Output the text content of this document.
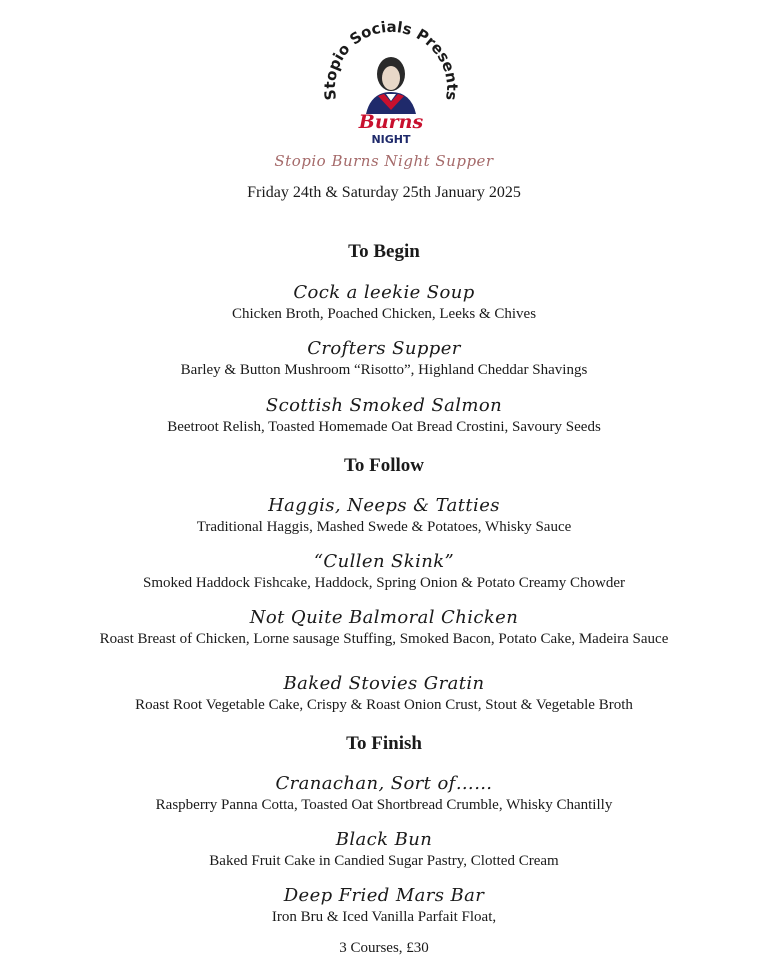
Stopio Socials Presents
Burns
NIGHT
Stopio Burns Night Supper
Friday 24th & Saturday 25th January 2025
To Begin
Cock a leekie Soup
Chicken Broth, Poached Chicken, Leeks & Chives
Crofters Supper
Barley & Button Mushroom “Risotto”, Highland Cheddar Shavings
Scottish Smoked Salmon
Beetroot Relish, Toasted Homemade Oat Bread Crostini, Savoury Seeds
To Follow
Haggis, Neeps & Tatties
Traditional Haggis, Mashed Swede & Potatoes, Whisky Sauce
“Cullen Skink”
Smoked Haddock Fishcake, Haddock, Spring Onion & Potato Creamy Chowder
Not Quite Balmoral Chicken
Roast Breast of Chicken, Lorne sausage Stuffing, Smoked Bacon, Potato Cake, Madeira Sauce
Baked Stovies Gratin
Roast Root Vegetable Cake, Crispy & Roast Onion Crust, Stout & Vegetable Broth
To Finish
Cranachan, Sort of……
Raspberry Panna Cotta, Toasted Oat Shortbread Crumble, Whisky Chantilly
Black Bun
Baked Fruit Cake in Candied Sugar Pastry, Clotted Cream
Deep Fried Mars Bar
Iron Bru & Iced Vanilla Parfait Float,
3 Courses, £30
